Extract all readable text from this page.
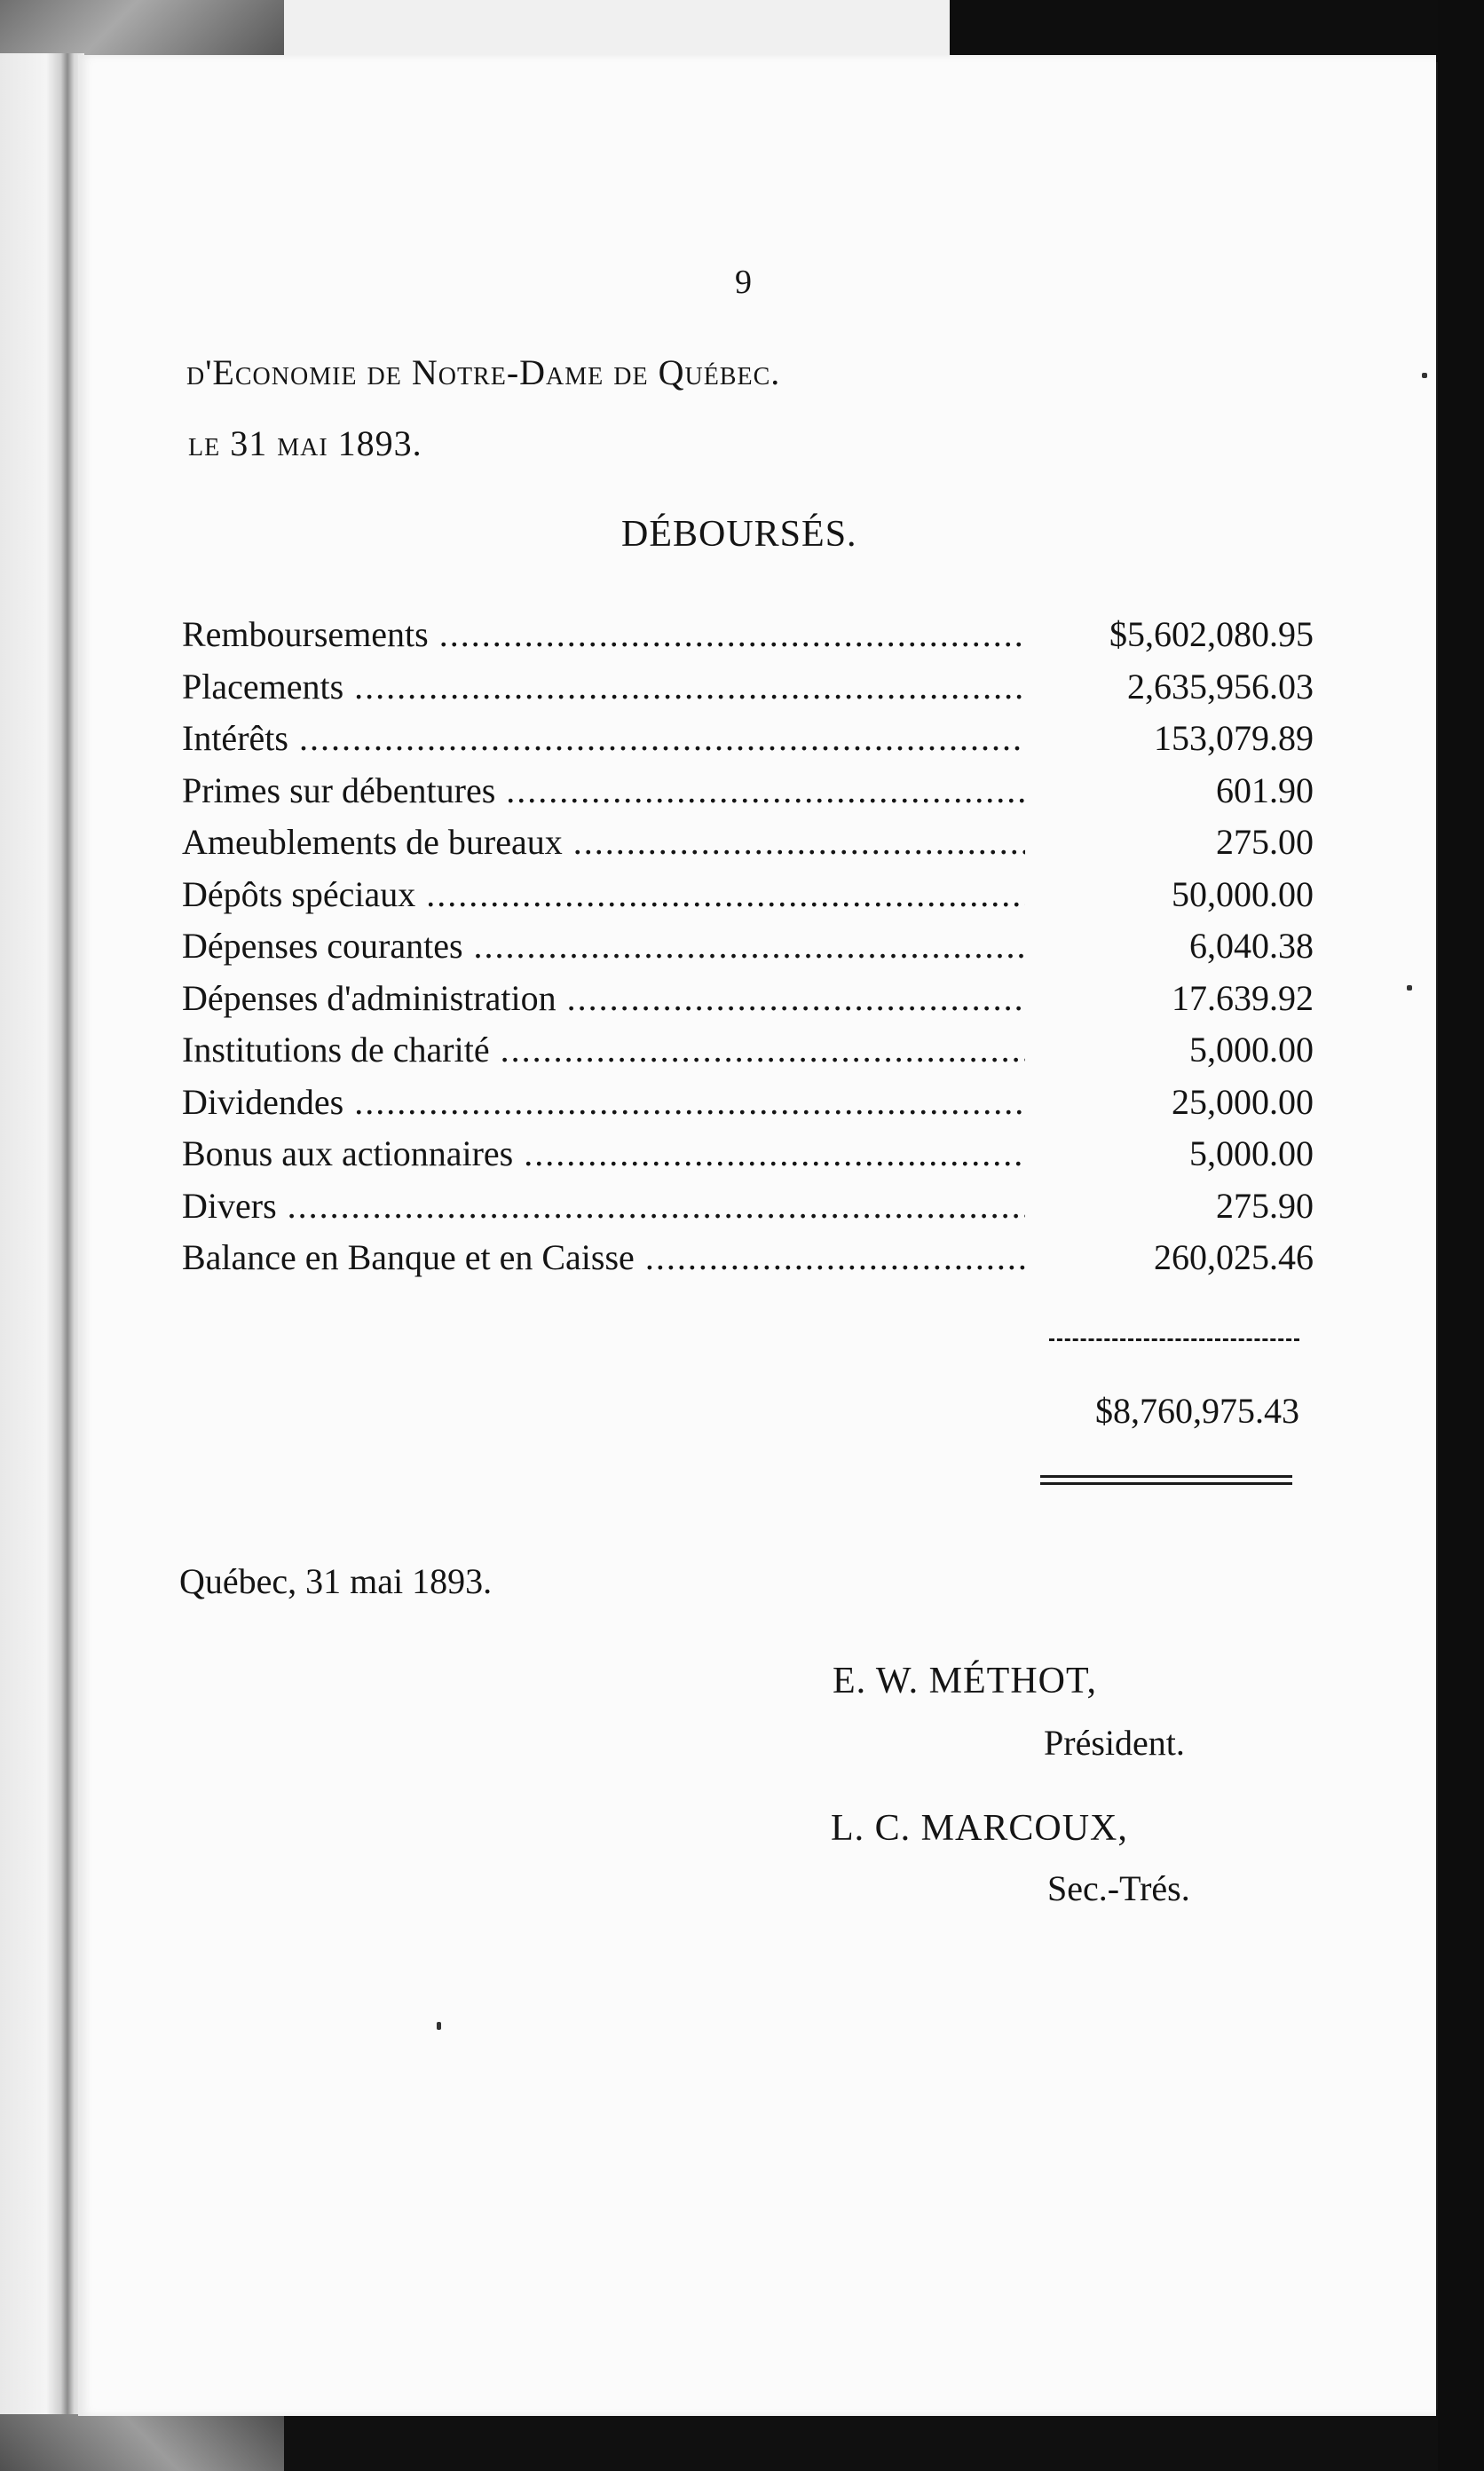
9
d'Economie de Notre-Dame de Québec.
le 31 mai 1893.
DÉBOURSÉS.
Remboursements .....	$5,602,080.95
Placements .....	2,635,956.03
Intérêts .....	153,079.89
Primes sur débentures .....	601.90
Ameublements de bureaux .....	275.00
Dépôts spéciaux .....	50,000.00
Dépenses courantes .....	6,040.38
Dépenses d'administration .....	17.639.92
Institutions de charité .....	5,000.00
Dividendes .....	25,000.00
Bonus aux actionnaires .....	5,000.00
Divers .....	275.90
Balance en Banque et en Caisse .....	260,025.46
$8,760,975.43
Québec, 31 mai 1893.
E. W. MÉTHOT,
Président.
L. C. MARCOUX,
Sec.-Trés.
